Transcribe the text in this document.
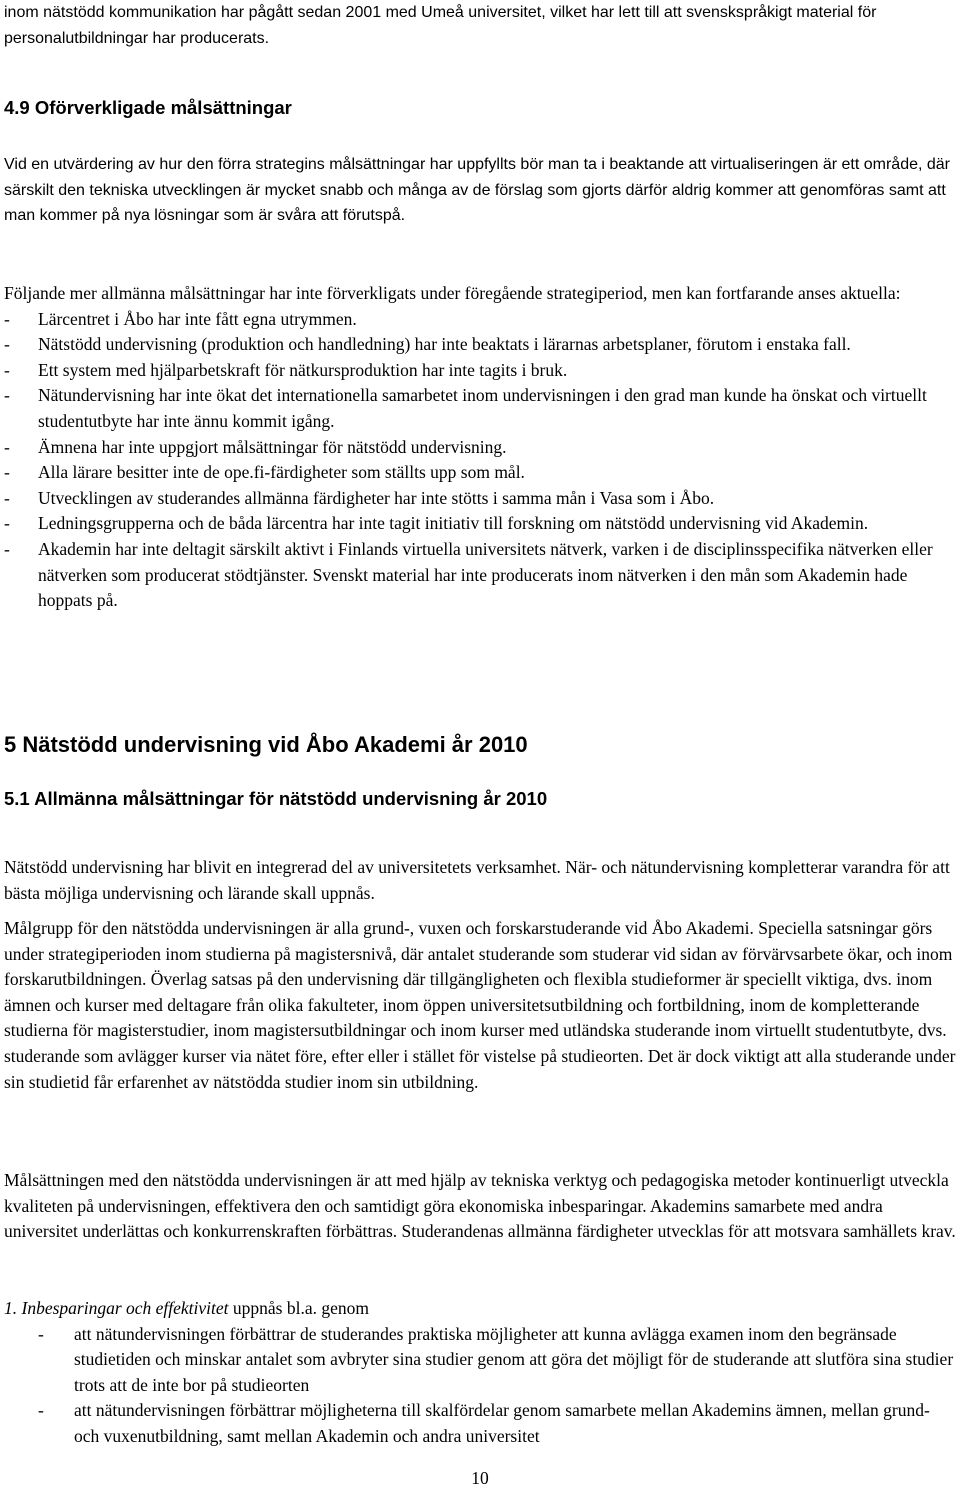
inom nätstödd kommunikation har pågått sedan 2001 med Umeå universitet, vilket har lett till att svenskspråkigt material för personalutbildningar har producerats.

4.9 Oförverkligade målsättningar

Vid en utvärdering av hur den förra strategins målsättningar har uppfyllts bör man ta i beaktande att virtualiseringen är ett område, där särskilt den tekniska utvecklingen är mycket snabb och många av de förslag som gjorts därför aldrig kommer att genomföras samt att man kommer på nya lösningar som är svåra att förutspå.

Följande mer allmänna målsättningar har inte förverkligats under föregående strategiperiod, men kan fortfarande anses aktuella:
- Lärcentret i Åbo har inte fått egna utrymmen.
- Nätstödd undervisning (produktion och handledning) har inte beaktats i lärarnas arbetsplaner, förutom i enstaka fall.
- Ett system med hjälparbetskraft för nätkursproduktion har inte tagits i bruk.
- Nätundervisning har inte ökat det internationella samarbetet inom undervisningen i den grad man kunde ha önskat och virtuellt studentutbyte har inte ännu kommit igång.
- Ämnena har inte uppgjort målsättningar för nätstödd undervisning.
- Alla lärare besitter inte de ope.fi-färdigheter som ställts upp som mål.
- Utvecklingen av studerandes allmänna färdigheter har inte stötts i samma mån i Vasa som i Åbo.
- Ledningsgrupperna och de båda lärcentra har inte tagit initiativ till forskning om nätstödd undervisning vid Akademin.
- Akademin har inte deltagit särskilt aktivt i Finlands virtuella universitets nätverk, varken i de disciplinsspecifika nätverken eller nätverken som producerat stödtjänster. Svenskt material har inte producerats inom nätverken i den mån som Akademin hade hoppats på.
5 Nätstödd undervisning vid Åbo Akademi år 2010
5.1 Allmänna målsättningar för nätstödd undervisning år 2010

Nätstödd undervisning har blivit en integrerad del av universitetets verksamhet. När- och nätundervisning kompletterar varandra för att bästa möjliga undervisning och lärande skall uppnås.

Målgrupp för den nätstödda undervisningen är alla grund-, vuxen och forskarstuderande vid Åbo Akademi. Speciella satsningar görs under strategiperioden inom studierna på magistersnivå, där antalet studerande som studerar vid sidan av förvärvsarbete ökar, och inom forskarutbildningen. Överlag satsas på den undervisning där tillgängligheten och flexibla studieformer är speciellt viktiga, dvs. inom ämnen och kurser med deltagare från olika fakulteter, inom öppen universitetsutbildning och fortbildning, inom de kompletterande studierna för magisterstudier, inom magistersutbildningar och inom kurser med utländska studerande inom virtuellt studentutbyte, dvs. studerande som avlägger kurser via nätet före, efter eller i stället för vistelse på studieorten. Det är dock viktigt att alla studerande under sin studietid får erfarenhet av nätstödda studier inom sin utbildning.

Målsättningen med den nätstödda undervisningen är att med hjälp av tekniska verktyg och pedagogiska metoder kontinuerligt utveckla kvaliteten på undervisningen, effektivera den och samtidigt göra ekonomiska inbesparingar. Akademins samarbete med andra universitet underlättas och konkurrenskraften förbättras. Studerandenas allmänna färdigheter utvecklas för att motsvara samhällets krav.

1. Inbesparingar och effektivitet uppnås bl.a. genom
- att nätundervisningen förbättrar de studerandes praktiska möjligheter att kunna avlägga examen inom den begränsade studietiden och minskar antalet som avbryter sina studier genom att göra det möjligt för de studerande att slutföra sina studier trots att de inte bor på studieorten
- att nätundervisningen förbättrar möjligheterna till skalfördelar genom samarbete mellan Akademins ämnen, mellan grund- och vuxenutbildning, samt mellan Akademin och andra universitet
10
